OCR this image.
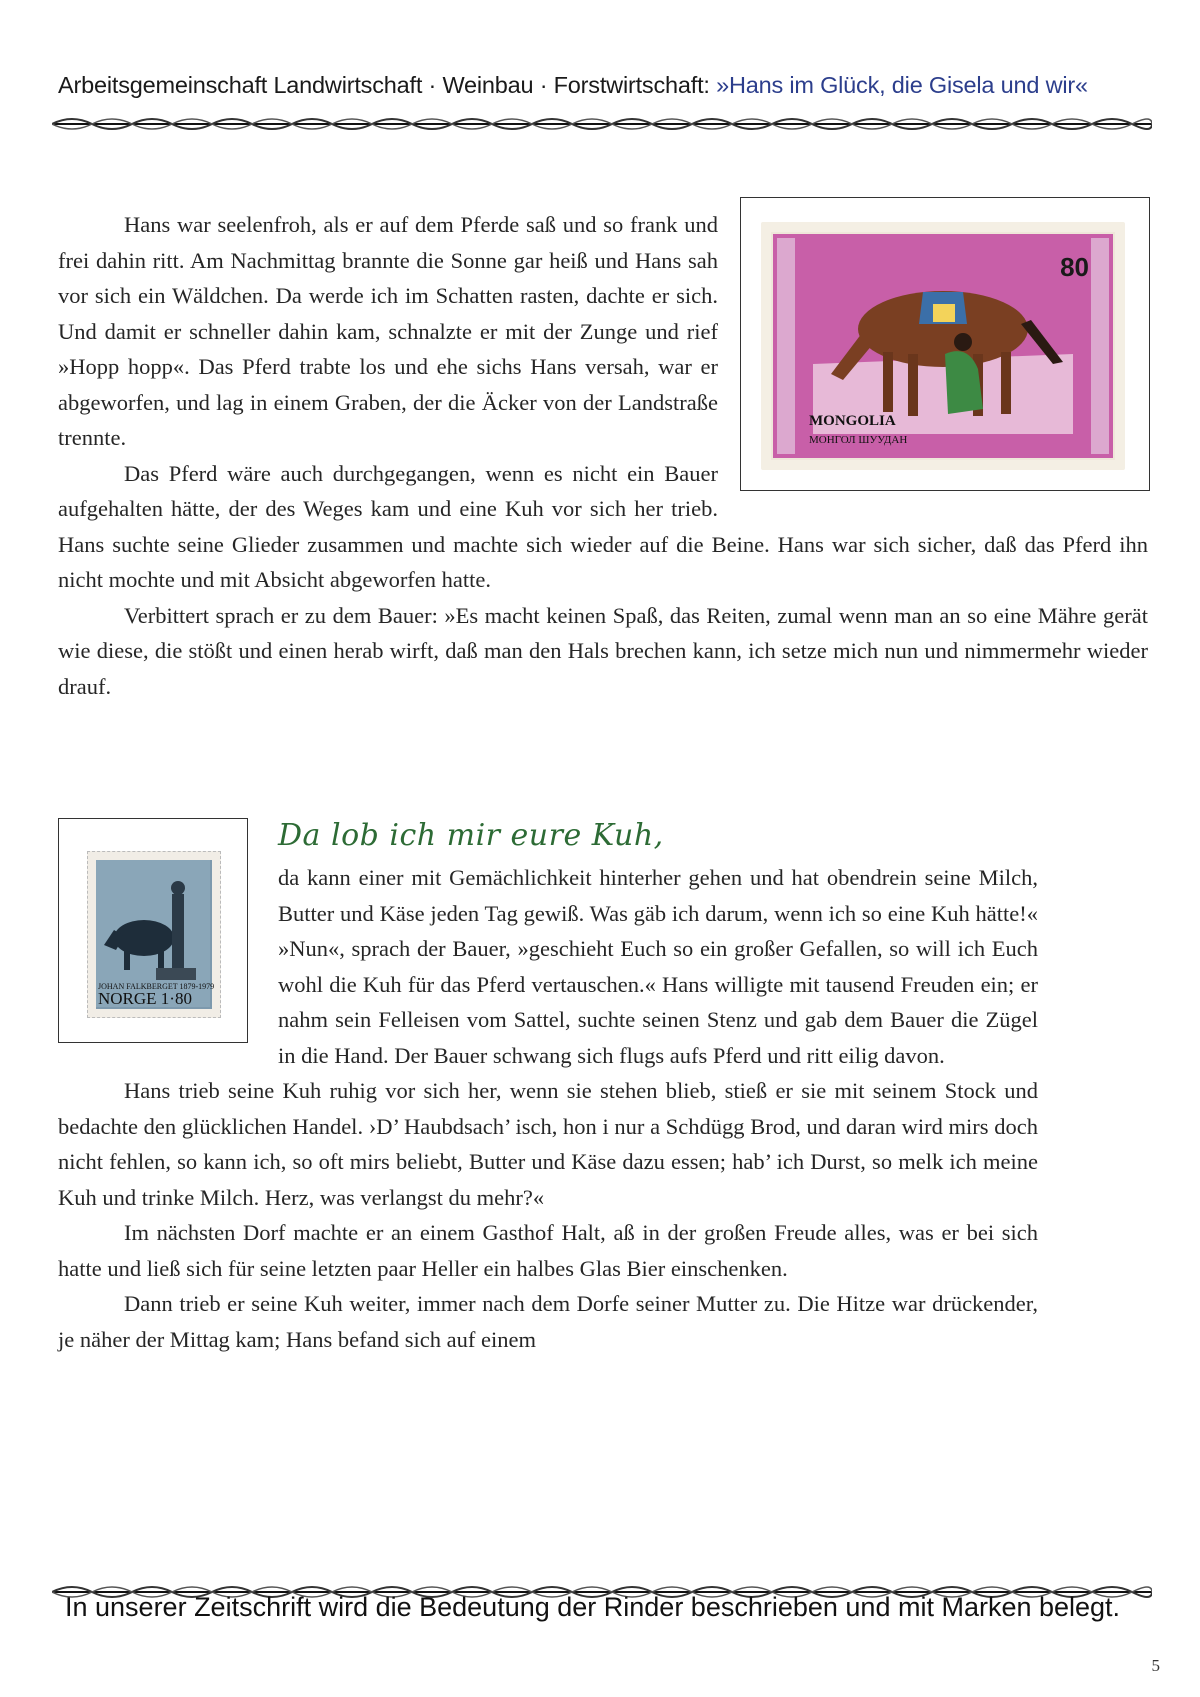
Arbeitsgemeinschaft Landwirtschaft · Weinbau · Forstwirtschaft: »Hans im Glück, die Gisela und wir«
80
MONGOLIA
МОНГОЛ ШУУДАН

Hans war seelenfroh, als er auf dem Pferde saß und so frank und frei dahin ritt. Am Nachmittag brannte die Sonne gar heiß und Hans sah vor sich ein Wäldchen. Da werde ich im Schatten rasten, dachte er sich. Und damit er schneller dahin kam, schnalzte er mit der Zunge und rief »Hopp hopp«. Das Pferd trabte los und ehe sichs Hans versah, war er abgeworfen, und lag in einem Graben, der die Äcker von der Landstraße trennte.

Das Pferd wäre auch durchgegangen, wenn es nicht ein Bauer aufgehalten hätte, der des Weges kam und eine Kuh vor sich her trieb. Hans suchte seine Glieder zusammen und machte sich wieder auf die Beine. Hans war sich sicher, daß das Pferd ihn nicht mochte und mit Absicht abgeworfen hatte.

Verbittert sprach er zu dem Bauer: »Es macht keinen Spaß, das Reiten, zumal wenn man an so eine Mähre gerät wie diese, die stößt und einen herab wirft, daß man den Hals brechen kann, ich setze mich nun und nimmermehr wieder drauf.

JOHAN FALKBERGET 1879-1979
NORGE 1·80
Da lob ich mir eure Kuh,

da kann einer mit Gemächlichkeit hinterher gehen und hat obendrein seine Milch, Butter und Käse jeden Tag gewiß. Was gäb ich darum, wenn ich so eine Kuh hätte!« »Nun«, sprach der Bauer, »geschieht Euch so ein großer Gefallen, so will ich Euch wohl die Kuh für das Pferd vertauschen.« Hans willigte mit tausend Freuden ein; er nahm sein Felleisen vom Sattel, suchte seinen Stenz und gab dem Bauer die Zügel in die Hand. Der Bauer schwang sich flugs aufs Pferd und ritt eilig davon.

Hans trieb seine Kuh ruhig vor sich her, wenn sie stehen blieb, stieß er sie mit seinem Stock und bedachte den glücklichen Handel. ›D’ Haubdsach’ isch, hon i nur a Schdügg Brod, und daran wird mirs doch nicht fehlen, so kann ich, so oft mirs beliebt, Butter und Käse dazu essen; hab’ ich Durst, so melk ich meine Kuh und trinke Milch. Herz, was verlangst du mehr?«

Im nächsten Dorf machte er an einem Gasthof Halt, aß in der großen Freude alles, was er bei sich hatte und ließ sich für seine letzten paar Heller ein halbes Glas Bier einschenken.

Dann trieb er seine Kuh weiter, immer nach dem Dorfe seiner Mutter zu. Die Hitze war drückender, je näher der Mittag kam; Hans befand sich auf einem

In unserer Zeitschrift wird die Bedeutung der Rinder beschrieben und mit Marken belegt.
5
